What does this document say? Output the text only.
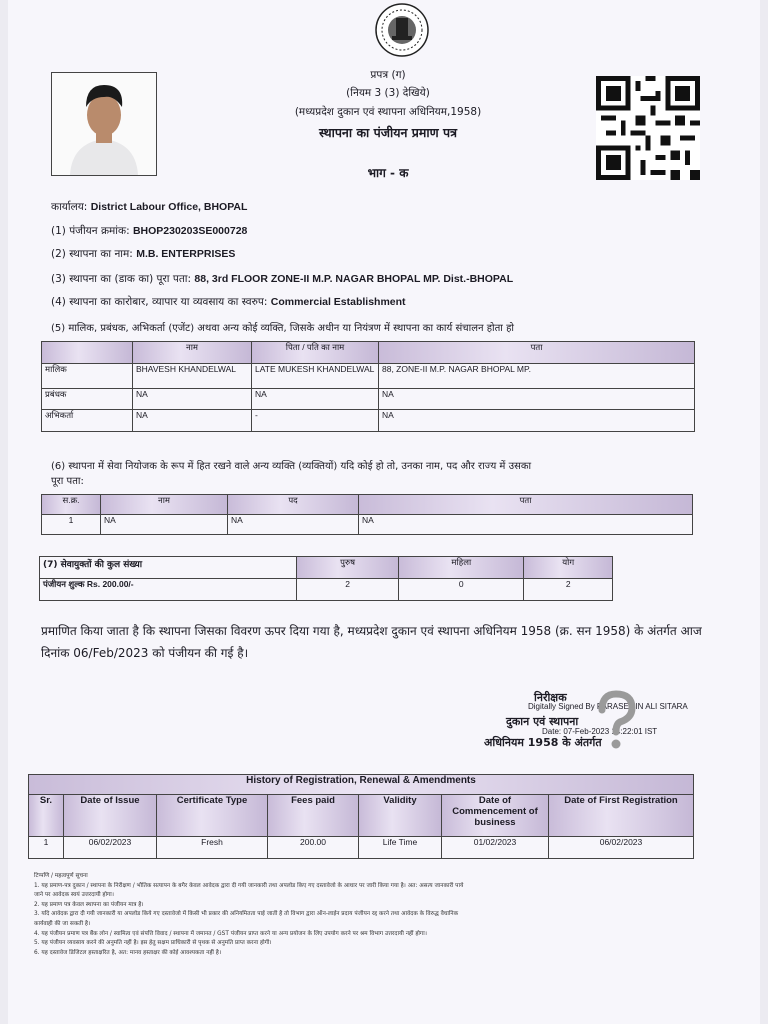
प्रपत्र (ग)
(नियम 3 (3) देखिये)
(मध्यप्रदेश दुकान एवं स्थापना अधिनियम,1958)
स्थापना का पंजीयन प्रमाण पत्र
भाग - क
कार्यालय: District Labour Office, BHOPAL
(1) पंजीयन क्रमांक: BHOP230203SE000728
(2) स्थापना का नाम: M.B. ENTERPRISES
(3) स्थापना का (डाक का) पूरा पता: 88, 3rd FLOOR ZONE-II M.P. NAGAR BHOPAL MP. Dist.-BHOPAL
(4) स्थापना का कारोबार, व्यापार या व्यवसाय का स्वरुप: Commercial Establishment
(5) मालिक, प्रबंधक, अभिकर्ता (एजेंट) अथवा अन्य कोई व्यक्ति, जिसके अधीन या नियंत्रण में स्थापना का कार्य संचालन होता हो
	नाम	पिता / पति का नाम	पता
मालिक	BHAVESH KHANDELWAL	LATE MUKESH KHANDELWAL	88, ZONE-II M.P. NAGAR BHOPAL MP.
प्रबंधक	NA	NA	NA
अभिकर्ता	NA	-	NA
(6) स्थापना में सेवा नियोजक के रूप में हित रखने वाले अन्य व्यक्ति (व्यक्तियों) यदि कोई हो तो, उनका नाम, पद और राज्य में उसका
पूरा पता:
स.क्र.	नाम	पद	पता
1	NA	NA	NA
(7) सेवायुक्तों की कुल संख्या	पुरुष	महिला	योग
पंजीयन शुल्क Rs. 200.00/-	2	0	2
प्रमाणित किया जाता है कि स्थापना जिसका विवरण ऊपर दिया गया है, मध्यप्रदेश दुकान एवं स्थापना अधिनियम 1958 (क्र. सन 1958) के अंतर्गत आज दिनांक 06/Feb/2023 को पंजीयन की गई है।
निरीक्षक
Digitally Signed By PARASEMIN ALI SITARA
दुकान एवं स्थापना
Date: 07-Feb-2023 14:22:01 IST
अधिनियम 1958 के अंतर्गत
History of Registration, Renewal & Amendments						
Sr.	Date of Issue	Certificate Type	Fees paid	Validity	Date of Commencement of business	Date of First Registration
1	06/02/2023	Fresh	200.00	Life Time	01/02/2023	06/02/2023
टिप्पणि / महत्वपूर्ण सूचना
1. यह प्रमाण-पत्र दुकान / स्थापना के निरीक्षण / भौतिक सत्यापन के बगैर केवल आवेदक द्वारा दी गयी जानकारी तथा अपलोड किए गए दस्तावेजो के आधार पर जारी किया गया है। अत: असत्य जानकारी पाये
जाने पर आवेदक स्वयं उत्तरदायी होगा।
2. यह प्रमाण पत्र केवल स्थापना का पंजीयन मात्र है।
3. यदि आवेदक द्वारा दी गयी जानकारी या अपलोड किये गए दस्तावेजो में किसी भी प्रकार की अनियमितता पाई जाती है तो विभाग द्वारा ऑन-लाईन प्रदाय पंजीयन रद्द करने तथा आवेदक के विरुद्ध वैधानिक
कार्यवाही की जा सकती है।
4. यह पंजीयन प्रमाण पत्र बैंक लोन / स्वामित्व एवं संपत्ति विवाद / स्थापना में जमानत / GST पंजीयन प्राप्त करने या अन्य प्रयोजन के लिए उपयोग करने पर श्रम विभाग उत्तरदायी नहीं होगा।
5. यह पंजीयन व्यवसाय करने की अनुमति नहीं है। इस हेतु सक्षम प्राधिकारी से पृथक से अनुमति प्राप्त करना होगी।
6. यह दस्तावेज डिजिटल हस्ताक्षरित है, अत: मानव हस्ताक्षर की कोई आवश्यकता नहीं है।
